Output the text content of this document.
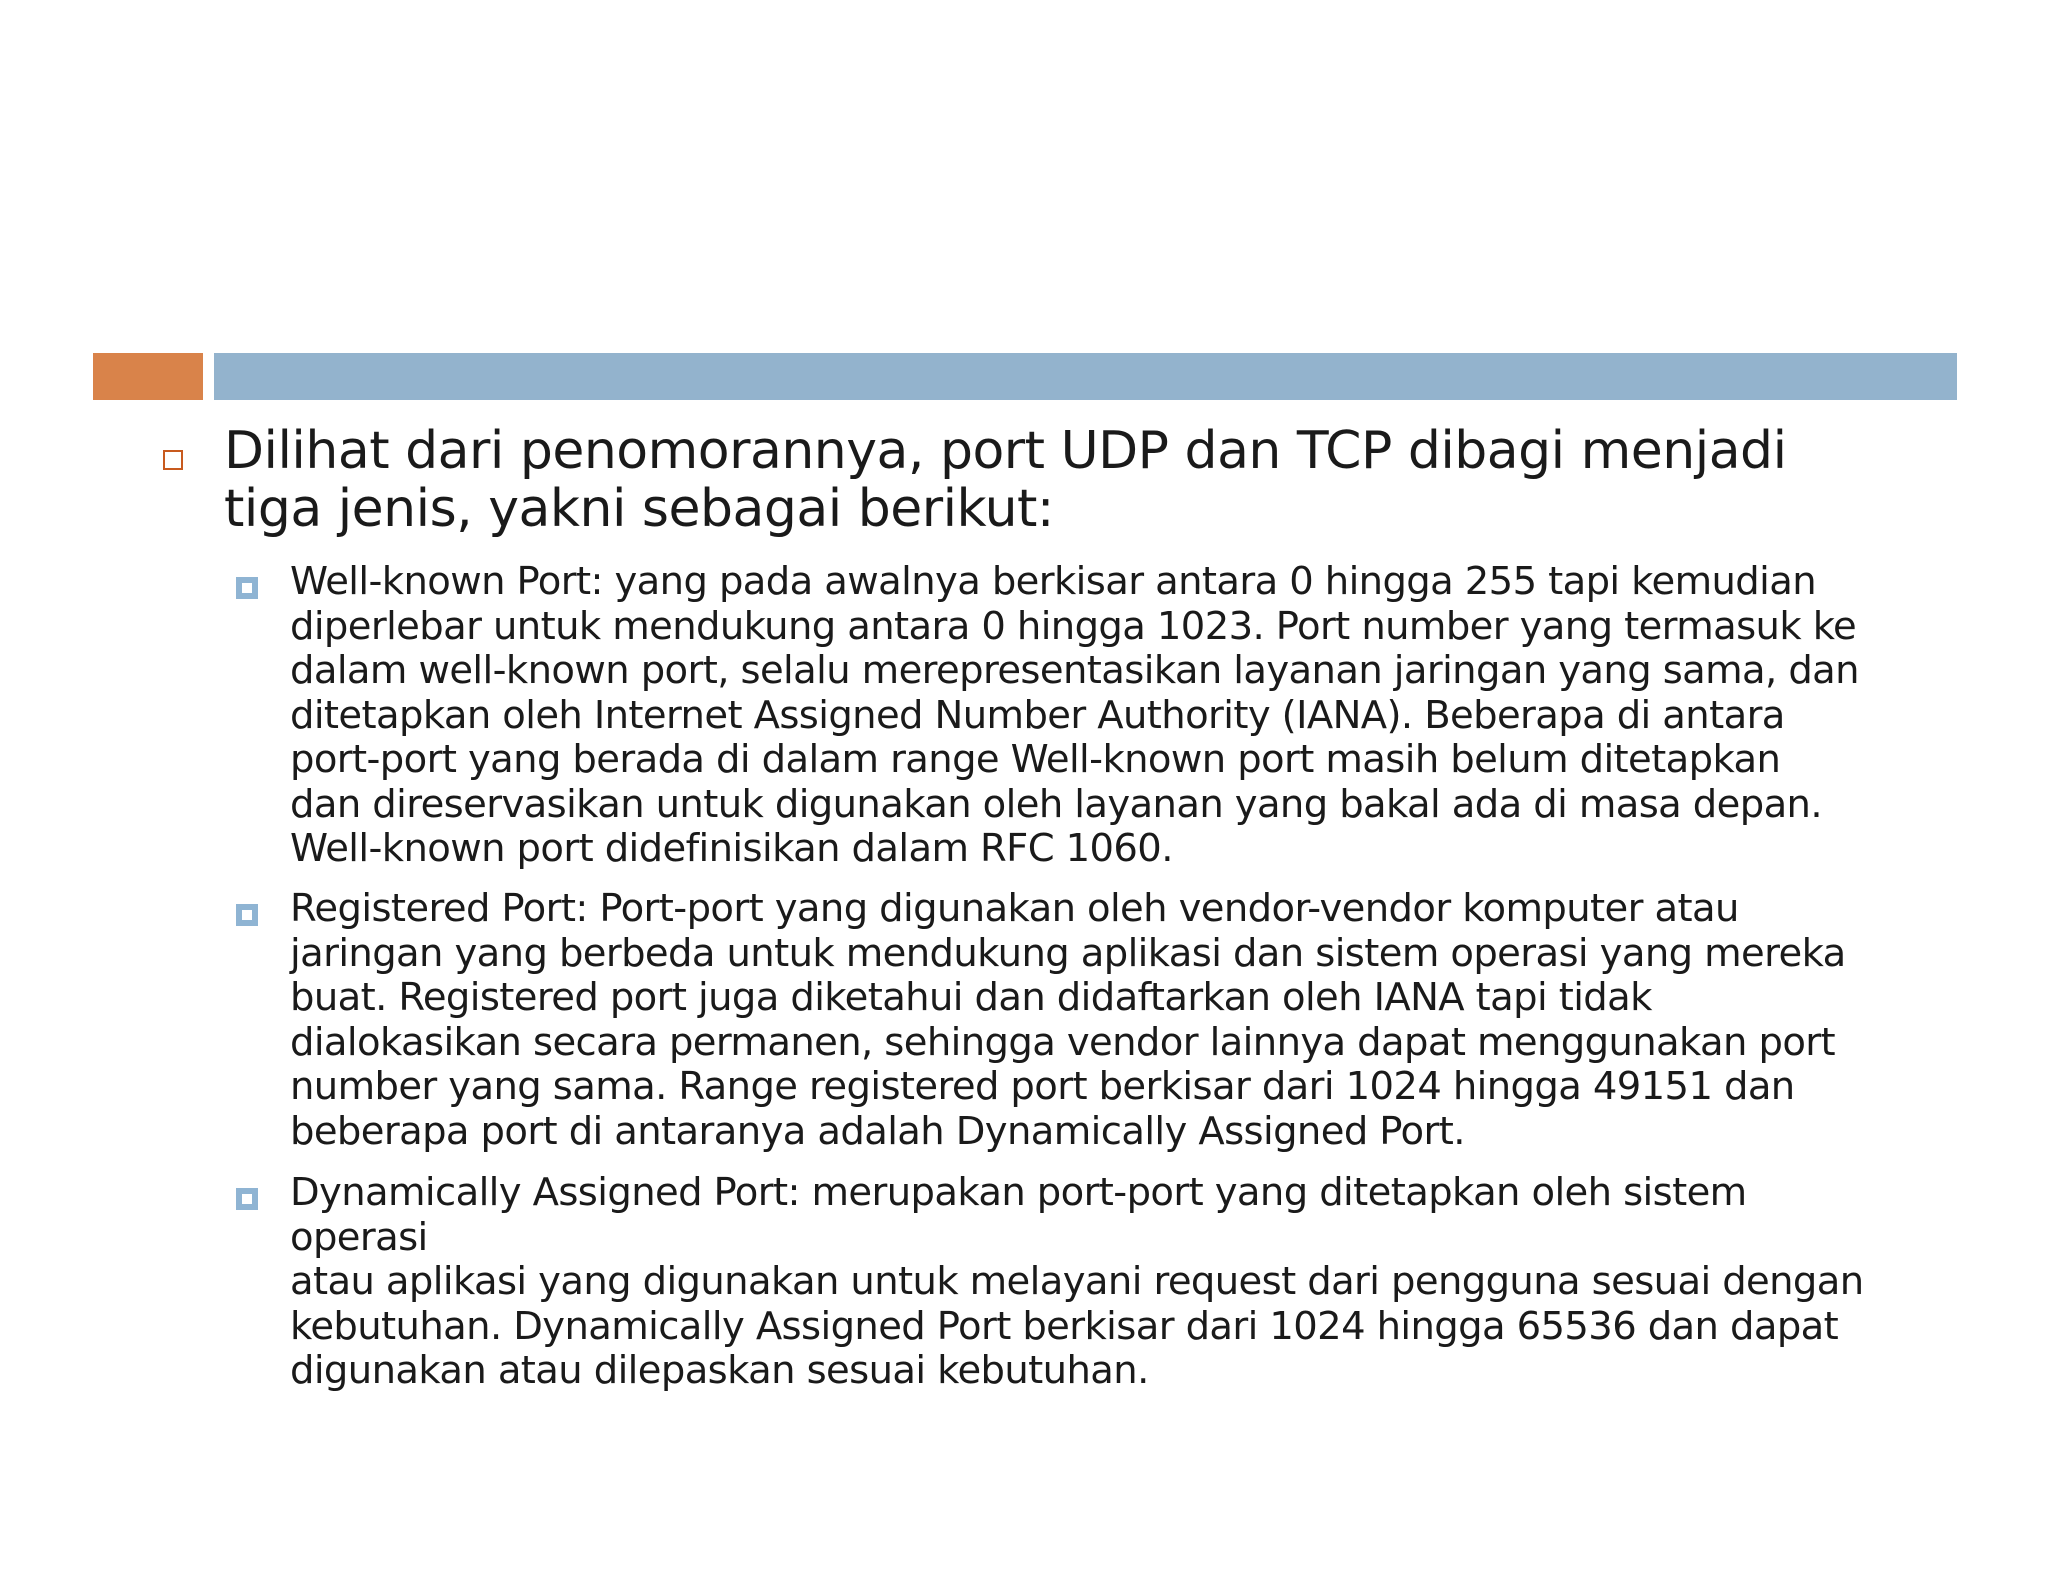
Dilihat dari penomorannya, port UDP dan TCP dibagi menjadi
tiga jenis, yakni sebagai berikut:
Well-known Port: yang pada awalnya berkisar antara 0 hingga 255 tapi kemudian
diperlebar untuk mendukung antara 0 hingga 1023. Port number yang termasuk ke
dalam well-known port, selalu merepresentasikan layanan jaringan yang sama, dan
ditetapkan oleh Internet Assigned Number Authority (IANA). Beberapa di antara
port-port yang berada di dalam range Well-known port masih belum ditetapkan
dan direservasikan untuk digunakan oleh layanan yang bakal ada di masa depan.
Well-known port didefinisikan dalam RFC 1060.
Registered Port: Port-port yang digunakan oleh vendor-vendor komputer atau
jaringan yang berbeda untuk mendukung aplikasi dan sistem operasi yang mereka
buat. Registered port juga diketahui dan didaftarkan oleh IANA tapi tidak
dialokasikan secara permanen, sehingga vendor lainnya dapat menggunakan port
number yang sama. Range registered port berkisar dari 1024 hingga 49151 dan
beberapa port di antaranya adalah Dynamically Assigned Port.
Dynamically Assigned Port: merupakan port-port yang ditetapkan oleh sistem operasi
atau aplikasi yang digunakan untuk melayani request dari pengguna sesuai dengan
kebutuhan. Dynamically Assigned Port berkisar dari 1024 hingga 65536 dan dapat
digunakan atau dilepaskan sesuai kebutuhan.
